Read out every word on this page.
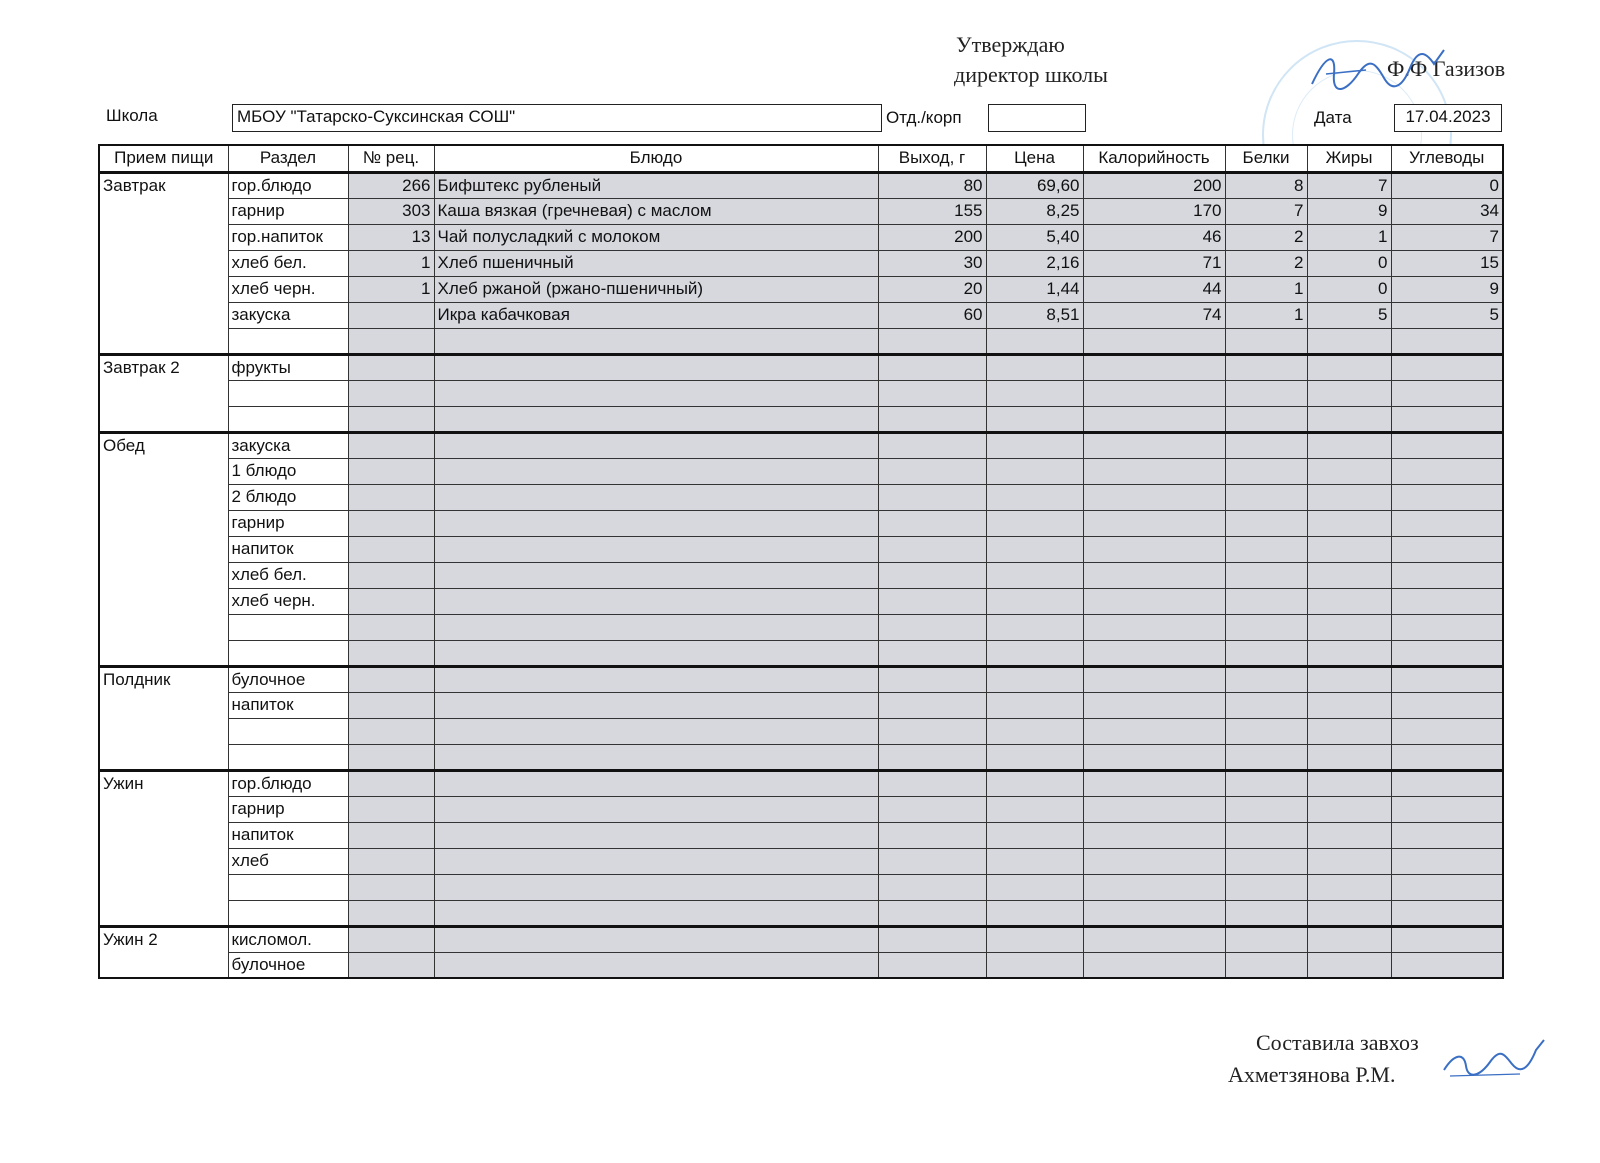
Утверждаю
директор школы	Ф.Ф Газизов
Школа	МБОУ "Татарско-Суксинская СОШ"	Отд./корп	Дата	17.04.2023
Прием пищи	Раздел	№ рец.	Блюдо	Выход, г	Цена	Калорийность	Белки	Жиры	Углеводы
Завтрак	гор.блюдо	266	Бифштекс рубленый	80	69,60	200	8	7	0
	гарнир	303	Каша вязкая (гречневая) с маслом	155	8,25	170	7	9	34
	гор.напиток	13	Чай полусладкий с молоком	200	5,40	46	2	1	7
	хлеб бел.	1	Хлеб пшеничный	30	2,16	71	2	0	15
	хлеб черн.	1	Хлеб ржаной (ржано-пшеничный)	20	1,44	44	1	0	9
	закуска		Икра кабачковая	60	8,51	74	1	5	5

Завтрак 2	фрукты								

Обед	закуска								
	1 блюдо								
	2 блюдо								
	гарнир								
	напиток								
	хлеб бел.								
	хлеб черн.								

Полдник	булочное								
	напиток								

Ужин	гор.блюдо								
	гарнир								
	напиток								
	хлеб								

Ужин 2	кисломол.								
	булочное								
Составила завхоз
Ахметзянова Р.М.
